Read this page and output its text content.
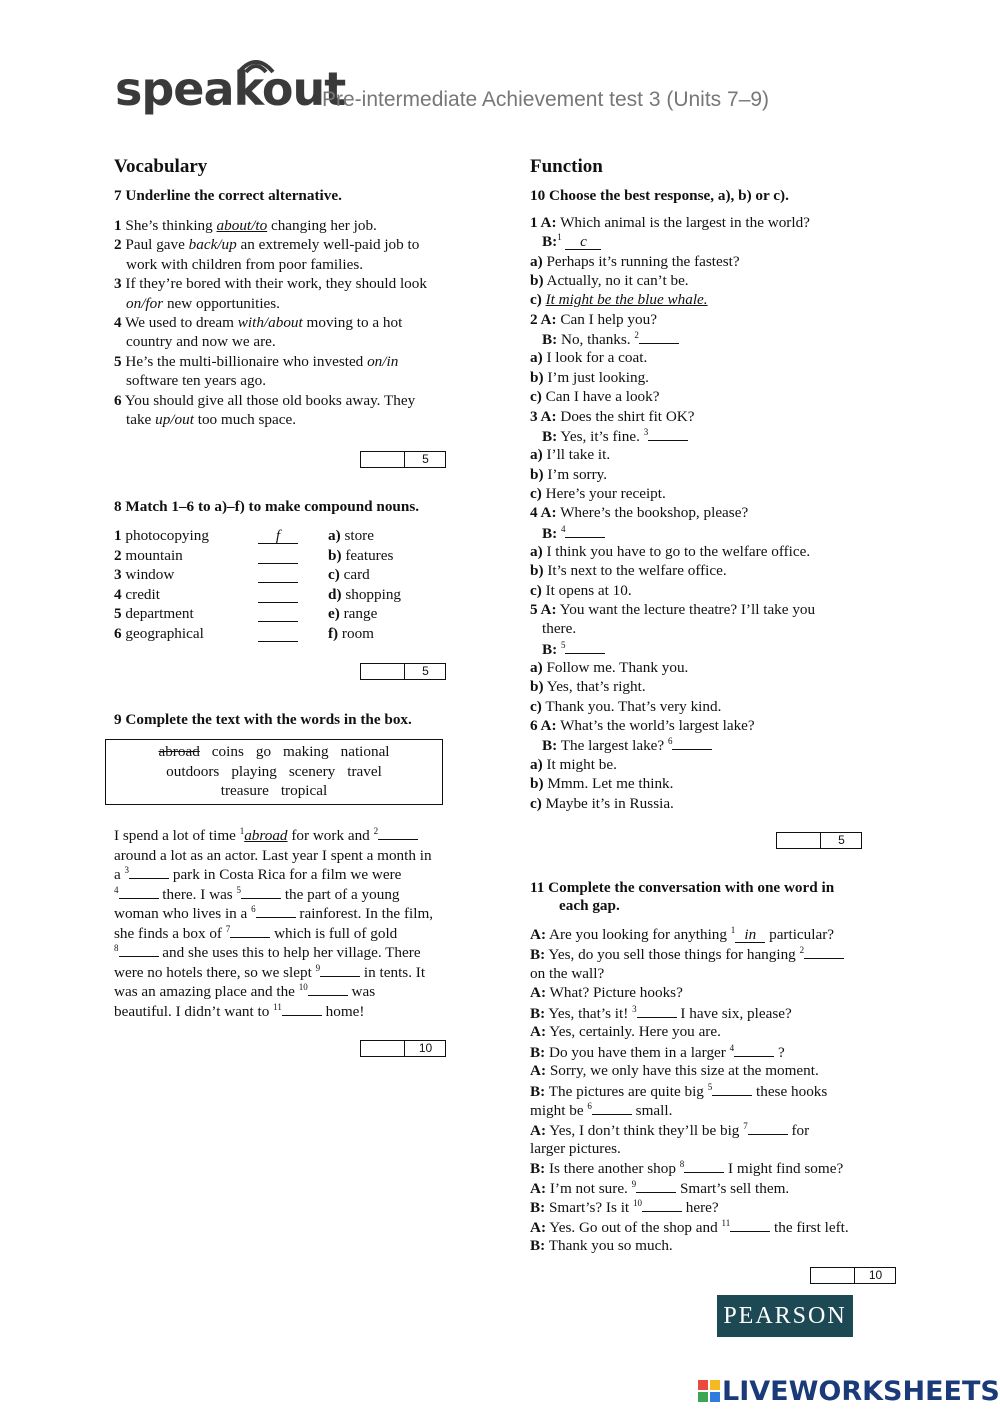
speakout
Pre-intermediate Achievement test 3 (Units 7–9)
Vocabulary
7 Underline the correct alternative.
1 She’s thinking about/to changing her job.
2 Paul gave back/up an extremely well-paid job to
work with children from poor families.
3 If they’re bored with their work, they should look
on/for new opportunities.
4 We used to dream with/about moving to a hot
country and now we are.
5 He’s the multi-billionaire who invested on/in
software ten years ago.
6 You should give all those old books away. They
take up/out too much space.
5
8 Match 1–6 to a)–f) to make compound nouns.
1 photocopying	f	a) store
2 mountain	b) features
3 window	c) card
4 credit	d) shopping
5 department	e) range
6 geographical	f) room
5
9 Complete the text with the words in the box.
abroad coins go making national
outdoors playing scenery travel
treasure tropical
I spend a lot of time $^1$abroad for work and $^2$
around a lot as an actor. Last year I spent a month in
a $^3$	park in Costa Rica for a film we were
$^4$	there. I was $^5$	the part of a young
woman who lives in a $^6$	rainforest. In the film,
she finds a box of $^7$	which is full of gold
$^8$	and she uses this to help her village. There
were no hotels there, so we slept $^9$	in tents. It
was an amazing place and the $^{10}$	was
beautiful. I didn’t want to $^{11}$	home!
10
Function
10 Choose the best response, a), b) or c).
1 A: Which animal is the largest in the world?
B:$^1$ c
a) Perhaps it’s running the fastest?
b) Actually, no it can’t be.
c) It might be the blue whale.
2 A: Can I help you?
B: No, thanks. $^2$
a) I look for a coat.
b) I’m just looking.
c) Can I have a look?
3 A: Does the shirt fit OK?
B: Yes, it’s fine. $^3$
a) I’ll take it.
b) I’m sorry.
c) Here’s your receipt.
4 A: Where’s the bookshop, please?
B: $^4$
a) I think you have to go to the welfare office.
b) It’s next to the welfare office.
c) It opens at 10.
5 A: You want the lecture theatre? I’ll take you
there.
B: $^5$
a) Follow me. Thank you.
b) Yes, that’s right.
c) Thank you. That’s very kind.
6 A: What’s the world’s largest lake?
B: The largest lake? $^6$
a) It might be.
b) Mmm. Let me think.
c) Maybe it’s in Russia.
5
11 Complete the conversation with one word in
each gap.
A: Are you looking for anything $^1$ in particular?
B: Yes, do you sell those things for hanging $^2$
on the wall?
A: What? Picture hooks?
B: Yes, that’s it! $^3$	I have six, please?
A: Yes, certainly. Here you are.
B: Do you have them in a larger $^4$	?
A: Sorry, we only have this size at the moment.
B: The pictures are quite big $^5$	these hooks
might be $^6$	small.
A: Yes, I don’t think they’ll be big $^7$	for
larger pictures.
B: Is there another shop $^8$	I might find some?
A: I’m not sure. $^9$	Smart’s sell them.
B: Smart’s? Is it $^{10}$	here?
A: Yes. Go out of the shop and $^{11}$	the first left.
B: Thank you so much.
10
PEARSON
LIVEWORKSHEETS
